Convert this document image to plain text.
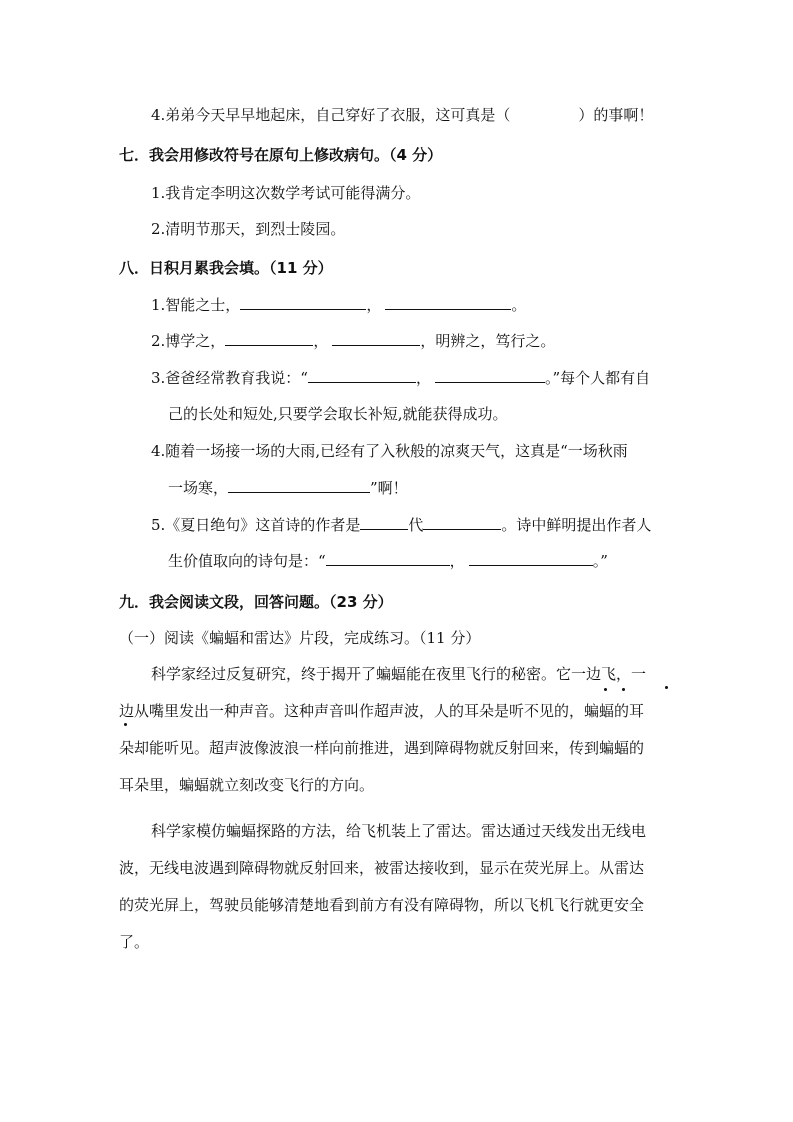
4.弟弟今天早早地起床，自己穿好了衣服，这可真是（	）的事啊！
七．我会用修改符号在原句上修改病句。（4 分）
1.我肯定李明这次数学考试可能得满分。
2.清明节那天，到烈士陵园。
八．日积月累我会填。（11 分）
1.智能之士，	，	。
2.博学之，	，	，明辨之，笃行之。
3.爸爸经常教育我说：“	，	。”每个人都有自
己的长处和短处,只要学会取长补短,就能获得成功。
4.随着一场接一场的大雨,已经有了入秋般的凉爽天气，这真是“一场秋雨
一场寒，	”啊！
5.《夏日绝句》这首诗的作者是	代	。诗中鲜明提出作者人
生价值取向的诗句是：“	，	。”
九．我会阅读文段，回答问题。（23 分）
（一）阅读《蝙蝠和雷达》片段，完成练习。（11 分）
科学家经过反复研究，终于揭开了蝙蝠能在夜里飞行的秘密。它一边飞，一
边从嘴里发出一种声音。这种声音叫作超声波，人的耳朵是听不见的，蝙蝠的耳
朵却能听见。超声波像波浪一样向前推进，遇到障碍物就反射回来，传到蝙蝠的
耳朵里，蝙蝠就立刻改变飞行的方向。
科学家模仿蝙蝠探路的方法，给飞机装上了雷达。雷达通过天线发出无线电
波，无线电波遇到障碍物就反射回来，被雷达接收到，显示在荧光屏上。从雷达
的荧光屏上，驾驶员能够清楚地看到前方有没有障碍物，所以飞机飞行就更安全
了。
